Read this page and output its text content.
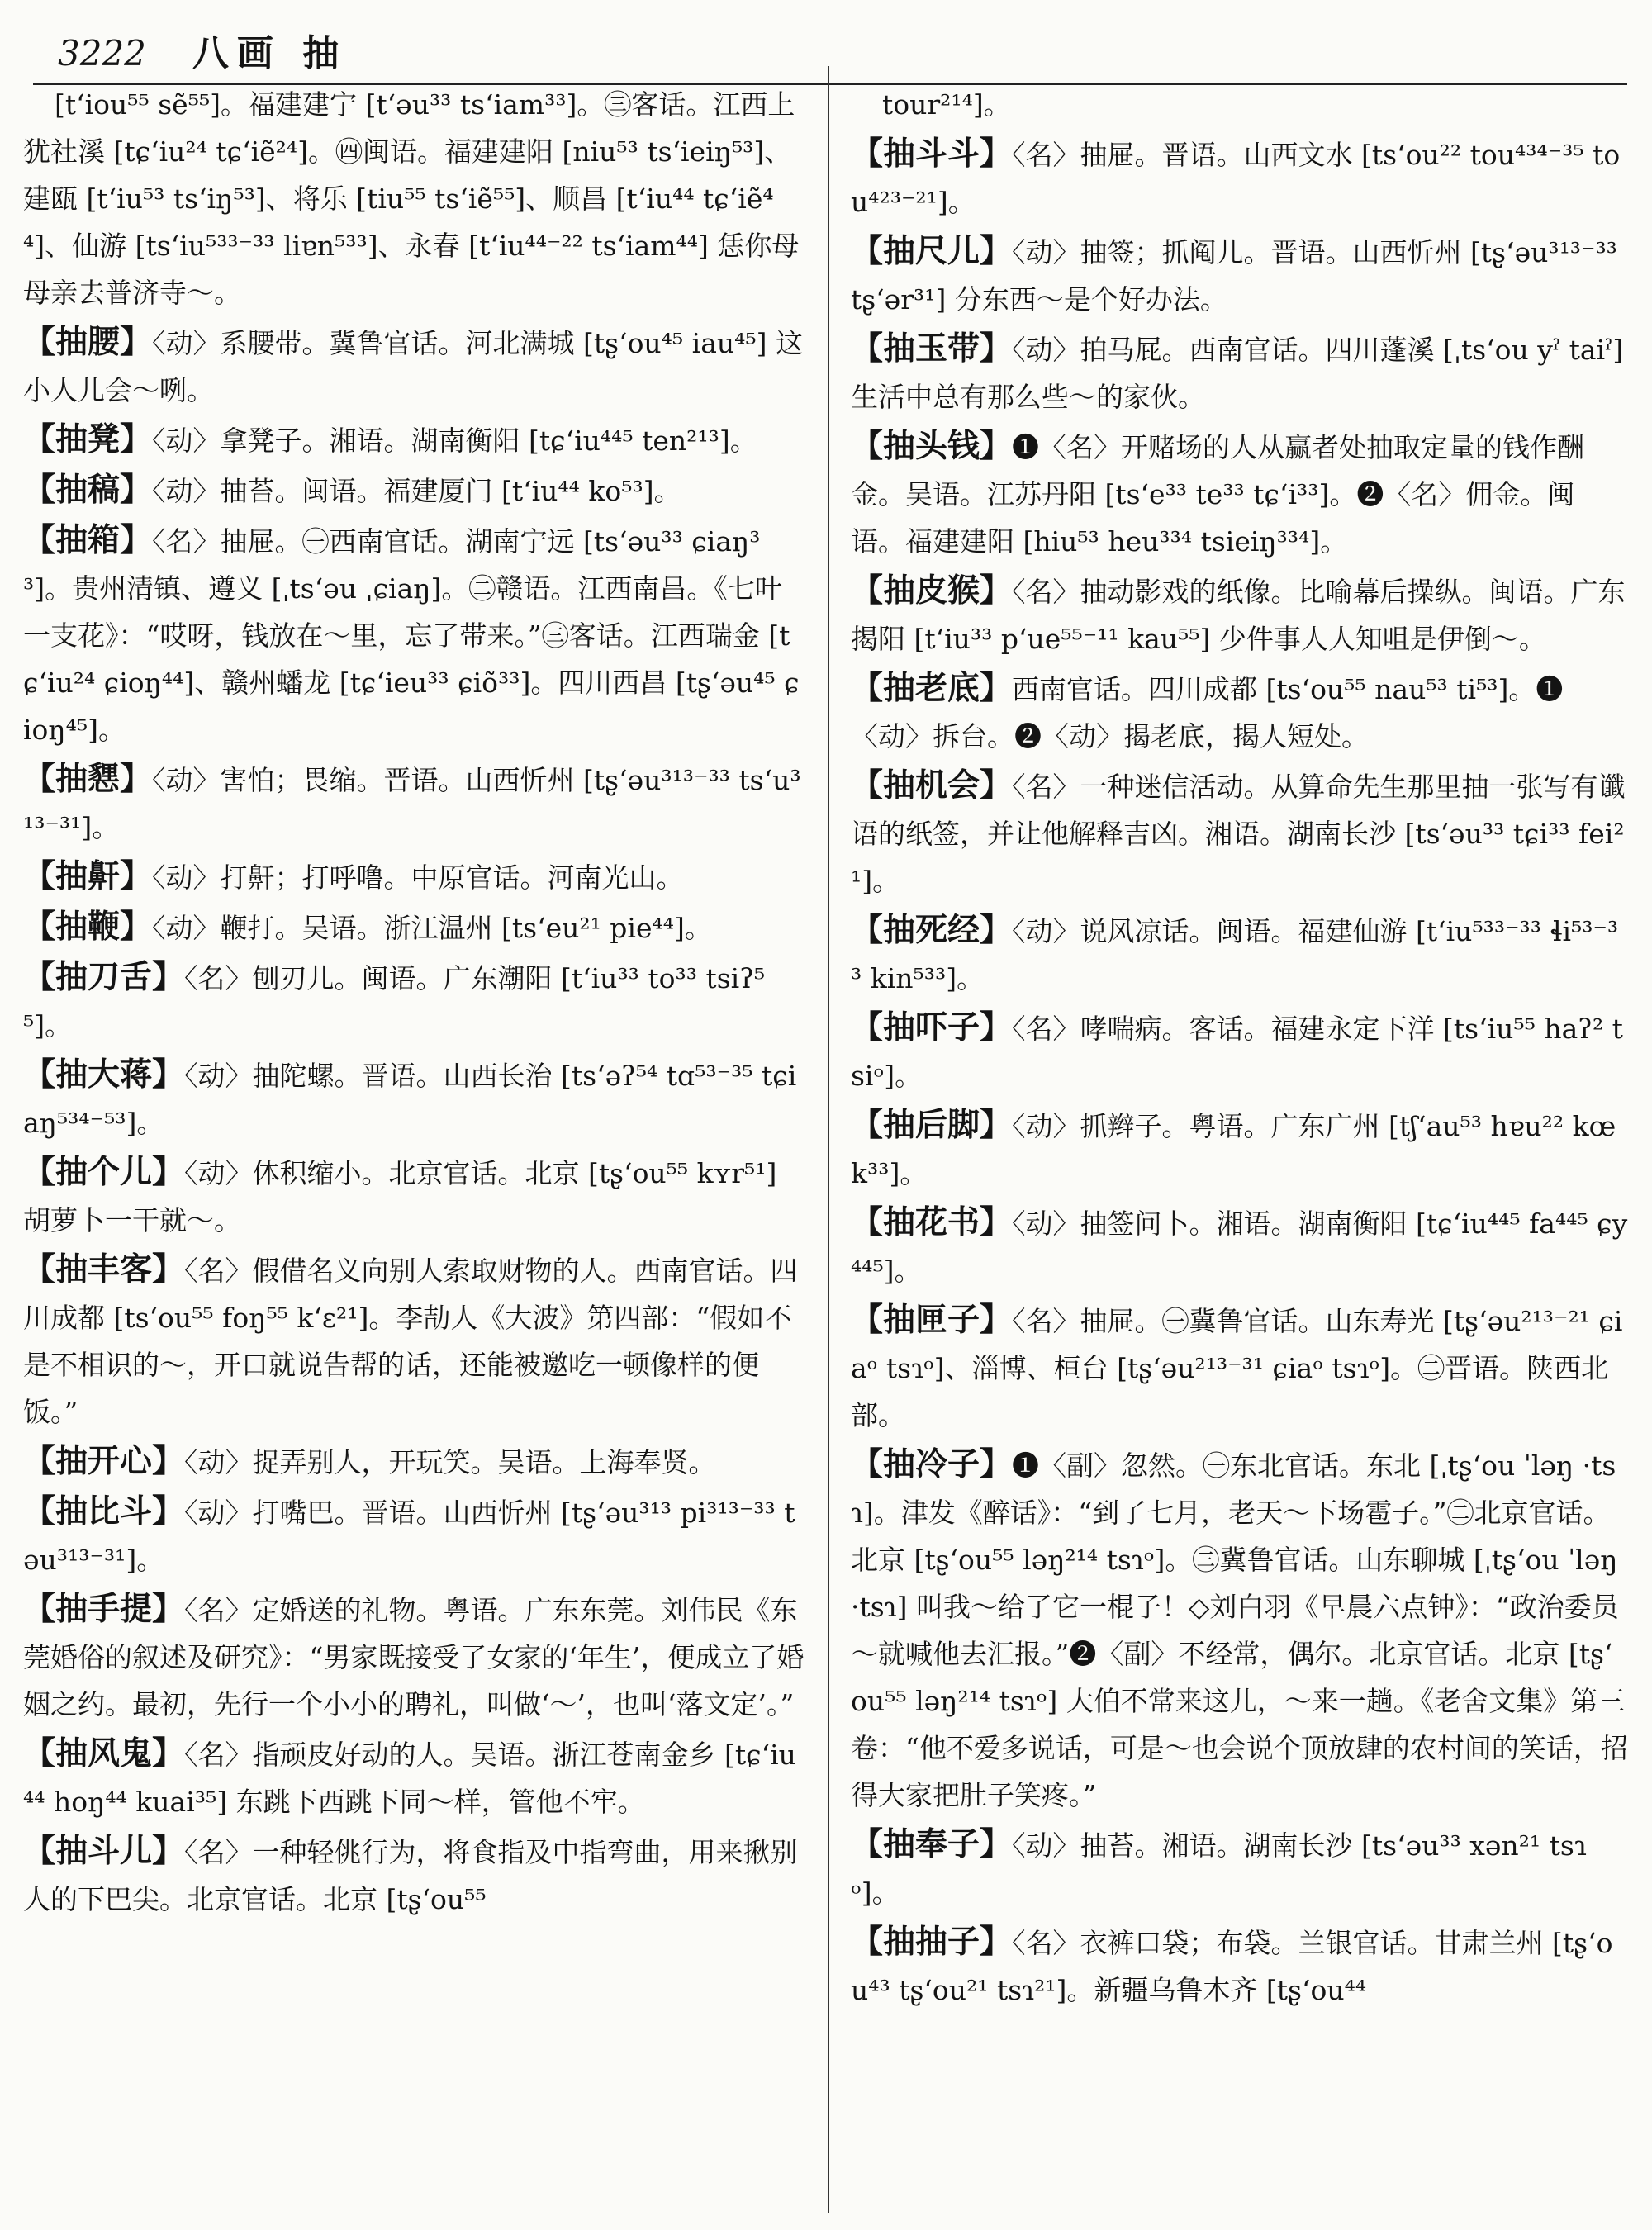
3222 八画 抽
[tʻiou⁵⁵ sẽ⁵⁵]。福建建宁 [tʻəu³³ tsʻiam³³]。㊂客话。江西上犹社溪 [tɕʻiu²⁴ tɕʻiẽ²⁴]。㊃闽语。福建建阳 [niu⁵³ tsʻieiŋ⁵³]、建瓯 [tʻiu⁵³ tsʻiŋ⁵³]、将乐 [tiu⁵⁵ tsʻiẽ⁵⁵]、顺昌 [tʻiu⁴⁴ tɕʻiẽ⁴⁴]、仙游 [tsʻiu⁵³³⁻³³ liɐn⁵³³]、永春 [tʻiu⁴⁴⁻²² tsʻiam⁴⁴] 恁你母母亲去普济寺～。
【抽腰】〈动〉系腰带。冀鲁官话。河北满城 [tʂʻou⁴⁵ iau⁴⁵] 这小人儿会～咧。
【抽凳】〈动〉拿凳子。湘语。湖南衡阳 [tɕʻiu⁴⁴⁵ ten²¹³]。
【抽稿】〈动〉抽苔。闽语。福建厦门 [tʻiu⁴⁴ ko⁵³]。
【抽箱】〈名〉抽屉。㊀西南官话。湖南宁远 [tsʻəu³³ ɕiaŋ³³]。贵州清镇、遵义 [ˌtsʻəu ˌɕiaŋ]。㊁赣语。江西南昌。《七叶一支花》：“哎呀，钱放在～里，忘了带来。”㊂客话。江西瑞金 [tɕʻiu²⁴ ɕioŋ⁴⁴]、赣州蟠龙 [tɕʻieu³³ ɕiõ³³]。四川西昌 [tʂʻəu⁴⁵ ɕioŋ⁴⁵]。
【抽㦟】〈动〉害怕；畏缩。晋语。山西忻州 [tʂʻəu³¹³⁻³³ tsʻu³¹³⁻³¹]。
【抽鼾】〈动〉打鼾；打呼噜。中原官话。河南光山。
【抽鞭】〈动〉鞭打。吴语。浙江温州 [tsʻeu²¹ pie⁴⁴]。
【抽刀舌】〈名〉刨刃儿。闽语。广东潮阳 [tʻiu³³ to³³ tsiʔ⁵⁵]。
【抽大蒋】〈动〉抽陀螺。晋语。山西长治 [tsʻəʔ⁵⁴ tɑ⁵³⁻³⁵ tɕiaŋ⁵³⁴⁻⁵³]。
【抽个儿】〈动〉体积缩小。北京官话。北京 [tʂʻou⁵⁵ kʏr⁵¹] 胡萝卜一干就～。
【抽丰客】〈名〉假借名义向别人索取财物的人。西南官话。四川成都 [tsʻou⁵⁵ foŋ⁵⁵ kʻɛ²¹]。李劼人《大波》第四部：“假如不是不相识的～，开口就说告帮的话，还能被邀吃一顿像样的便饭。”
【抽开心】〈动〉捉弄别人，开玩笑。吴语。上海奉贤。
【抽比斗】〈动〉打嘴巴。晋语。山西忻州 [tʂʻəu³¹³ pi³¹³⁻³³ təu³¹³⁻³¹]。
【抽手提】〈名〉定婚送的礼物。粤语。广东东莞。刘伟民《东莞婚俗的叙述及研究》：“男家既接受了女家的‘年生’，便成立了婚姻之约。最初，先行一个小小的聘礼，叫做‘～’，也叫‘落文定’。”
【抽风鬼】〈名〉指顽皮好动的人。吴语。浙江苍南金乡 [tɕʻiu⁴⁴ hoŋ⁴⁴ kuai³⁵] 东跳下西跳下同～样，管他不牢。
【抽斗儿】〈名〉一种轻佻行为，将食指及中指弯曲，用来揪别人的下巴尖。北京官话。北京 [tʂʻou⁵⁵
tour²¹⁴]。
【抽斗斗】〈名〉抽屉。晋语。山西文水 [tsʻou²² tou⁴³⁴⁻³⁵ tou⁴²³⁻²¹]。
【抽尺儿】〈动〉抽签；抓阄儿。晋语。山西忻州 [tʂʻəu³¹³⁻³³ tʂʻər³¹] 分东西～是个好办法。
【抽玉带】〈动〉拍马屁。西南官话。四川蓬溪 [ˌtsʻou yˀ taiˀ] 生活中总有那么些～的家伙。
【抽头钱】❶〈名〉开赌场的人从赢者处抽取定量的钱作酬金。吴语。江苏丹阳 [tsʻe³³ te³³ tɕʻi³³]。❷〈名〉佣金。闽语。福建建阳 [hiu⁵³ heu³³⁴ tsieiŋ³³⁴]。
【抽皮猴】〈名〉抽动影戏的纸像。比喻幕后操纵。闽语。广东揭阳 [tʻiu³³ pʻue⁵⁵⁻¹¹ kau⁵⁵] 少件事人人知咀是伊倒～。
【抽老底】西南官话。四川成都 [tsʻou⁵⁵ nau⁵³ ti⁵³]。❶〈动〉拆台。❷〈动〉揭老底，揭人短处。
【抽机会】〈名〉一种迷信活动。从算命先生那里抽一张写有谶语的纸签，并让他解释吉凶。湘语。湖南长沙 [tsʻəu³³ tɕi³³ fei²¹]。
【抽死经】〈动〉说风凉话。闽语。福建仙游 [tʻiu⁵³³⁻³³ ɬi⁵³⁻³³ kin⁵³³]。
【抽吓子】〈名〉哮喘病。客话。福建永定下洋 [tsʻiu⁵⁵ haʔ² tsiᵒ]。
【抽后脚】〈动〉抓辫子。粤语。广东广州 [tʃʻau⁵³ hɐu²² kœk³³]。
【抽花书】〈动〉抽签问卜。湘语。湖南衡阳 [tɕʻiu⁴⁴⁵ fa⁴⁴⁵ ɕy⁴⁴⁵]。
【抽匣子】〈名〉抽屉。㊀冀鲁官话。山东寿光 [tʂʻəu²¹³⁻²¹ ɕiaᵒ tsɿᵒ]、淄博、桓台 [tʂʻəu²¹³⁻³¹ ɕiaᵒ tsɿᵒ]。㊁晋语。陕西北部。
【抽冷子】❶〈副〉忽然。㊀东北官话。东北 [ˌtʂʻou ˈləŋ ·tsɿ]。津发《醉话》：“到了七月，老天～下场雹子。”㊁北京官话。北京 [tʂʻou⁵⁵ ləŋ²¹⁴ tsɿᵒ]。㊂冀鲁官话。山东聊城 [ˌtʂʻou ˈləŋ ·tsɿ] 叫我～给了它一棍子！◇刘白羽《早晨六点钟》：“政治委员～就喊他去汇报。”❷〈副〉不经常，偶尔。北京官话。北京 [tʂʻou⁵⁵ ləŋ²¹⁴ tsɿᵒ] 大伯不常来这儿，～来一趟。《老舍文集》第三卷：“他不爱多说话，可是～也会说个顶放肆的农村间的笑话，招得大家把肚子笑疼。”
【抽奉子】〈动〉抽苔。湘语。湖南长沙 [tsʻəu³³ xən²¹ tsɿᵒ]。
【抽抽子】〈名〉衣裤口袋；布袋。兰银官话。甘肃兰州 [tʂʻou⁴³ tʂʻou²¹ tsɿ²¹]。新疆乌鲁木齐 [tʂʻou⁴⁴
